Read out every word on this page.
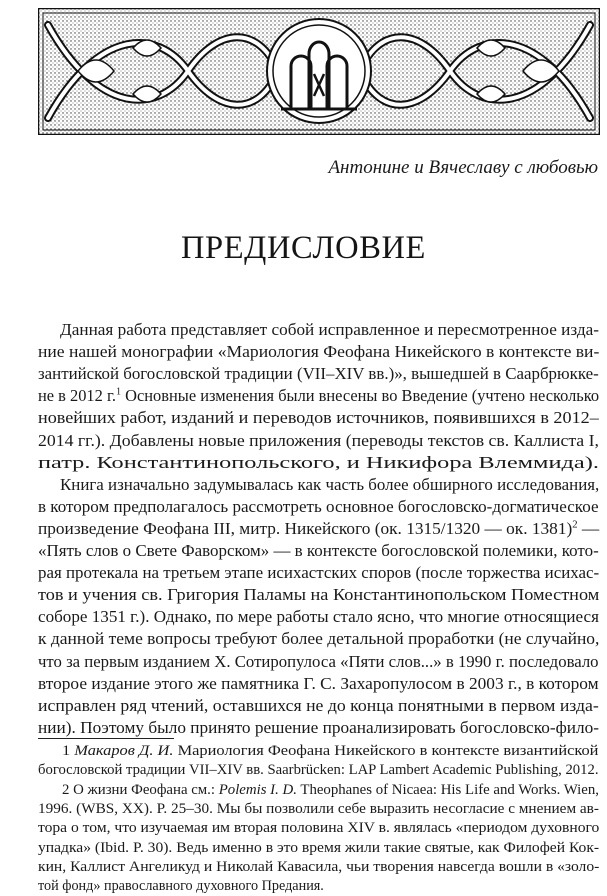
Антонине и Вячеславу с любовью
ПРЕДИСЛОВИЕ
Данная работа представляет собой исправленное и пересмотренное изда-
ние нашей монографии «Мариология Феофана Никейского в контексте ви-
зантийской богословской традиции (VII–XIV вв.)», вышедшей в Саарбрюкке-
не в 2012 г.$^1$ Основные изменения были внесены во Введение (учтено несколько
новейших работ, изданий и переводов источников, появившихся в 2012–
2014 гг.). Добавлены новые приложения (переводы текстов св. Каллиста I,
патр. Константинопольского, и Никифора Влеммида).
Книга изначально задумывалась как часть более обширного исследования,
в котором предполагалось рассмотреть основное богословско-догматическое
произведение Феофана III, митр. Никейского (ок. 1315/1320 — ок. 1381)$^2$ —
«Пять слов о Свете Фаворском» — в контексте богословской полемики, кото-
рая протекала на третьем этапе исихастских споров (после торжества исихас-
тов и учения св. Григория Паламы на Константинопольском Поместном
соборе 1351 г.). Однако, по мере работы стало ясно, что многие относящиеся
к данной теме вопросы требуют более детальной проработки (не случайно,
что за первым изданием Х. Сотиропулоса «Пяти слов...» в 1990 г. последовало
второе издание этого же памятника Г. С. Захаропулосом в 2003 г., в котором
исправлен ряд чтений, оставшихся не до конца понятными в первом изда-
нии). Поэтому было принято решение проанализировать богословско-фило-
1 Макаров Д. И. Мариология Феофана Никейского в контексте византийской
богословской традиции VII–XIV вв. Saarbrücken: LAP Lambert Academic Publishing, 2012.
2 О жизни Феофана см.: Polemis I. D. Theophanes of Nicaea: His Life and Works. Wien,
1996. (WBS, XX). P. 25–30. Мы бы позволили себе выразить несогласие с мнением ав-
тора о том, что изучаемая им вторая половина XIV в. являлась «периодом духовного
упадка» (Ibid. P. 30). Ведь именно в это время жили такие святые, как Филофей Кок-
кин, Каллист Ангеликуд и Николай Кавасила, чьи творения навсегда вошли в «золо-
той фонд» православного духовного Предания.
